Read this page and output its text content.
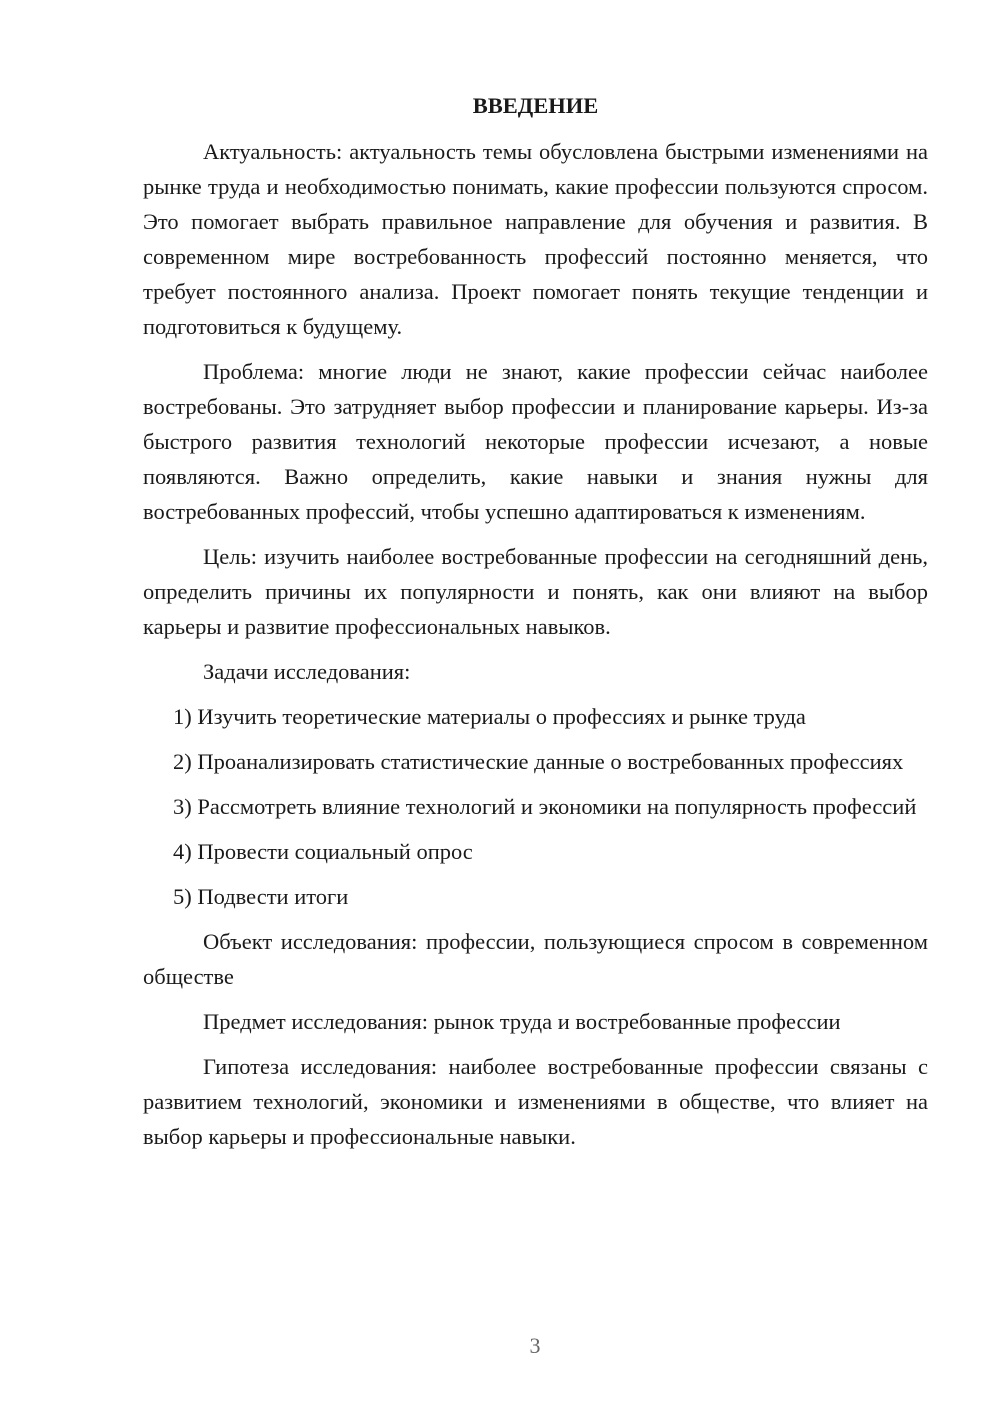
ВВЕДЕНИЕ

Актуальность: актуальность темы обусловлена быстрыми изменениями на рынке труда и необходимостью понимать, какие профессии пользуются спросом. Это помогает выбрать правильное направление для обучения и развития. В современном мире востребованность профессий постоянно меняется, что требует постоянного анализа. Проект помогает понять текущие тенденции и подготовиться к будущему.

Проблема: многие люди не знают, какие профессии сейчас наиболее востребованы. Это затрудняет выбор профессии и планирование карьеры. Из-за быстрого развития технологий некоторые профессии исчезают, а новые появляются. Важно определить, какие навыки и знания нужны для востребованных профессий, чтобы успешно адаптироваться к изменениям.

Цель: изучить наиболее востребованные профессии на сегодняшний день, определить причины их популярности и понять, как они влияют на выбор карьеры и развитие профессиональных навыков.

Задачи исследования:

1) Изучить теоретические материалы о профессиях и рынке труда

2) Проанализировать статистические данные о востребованных профессиях

3) Рассмотреть влияние технологий и экономики на популярность профессий

4) Провести социальный опрос

5) Подвести итоги

Объект исследования: профессии, пользующиеся спросом в современном обществе

Предмет исследования: рынок труда и востребованные профессии

Гипотеза исследования: наиболее востребованные профессии связаны с развитием технологий, экономики и изменениями в обществе, что влияет на выбор карьеры и профессиональные навыки.

3
